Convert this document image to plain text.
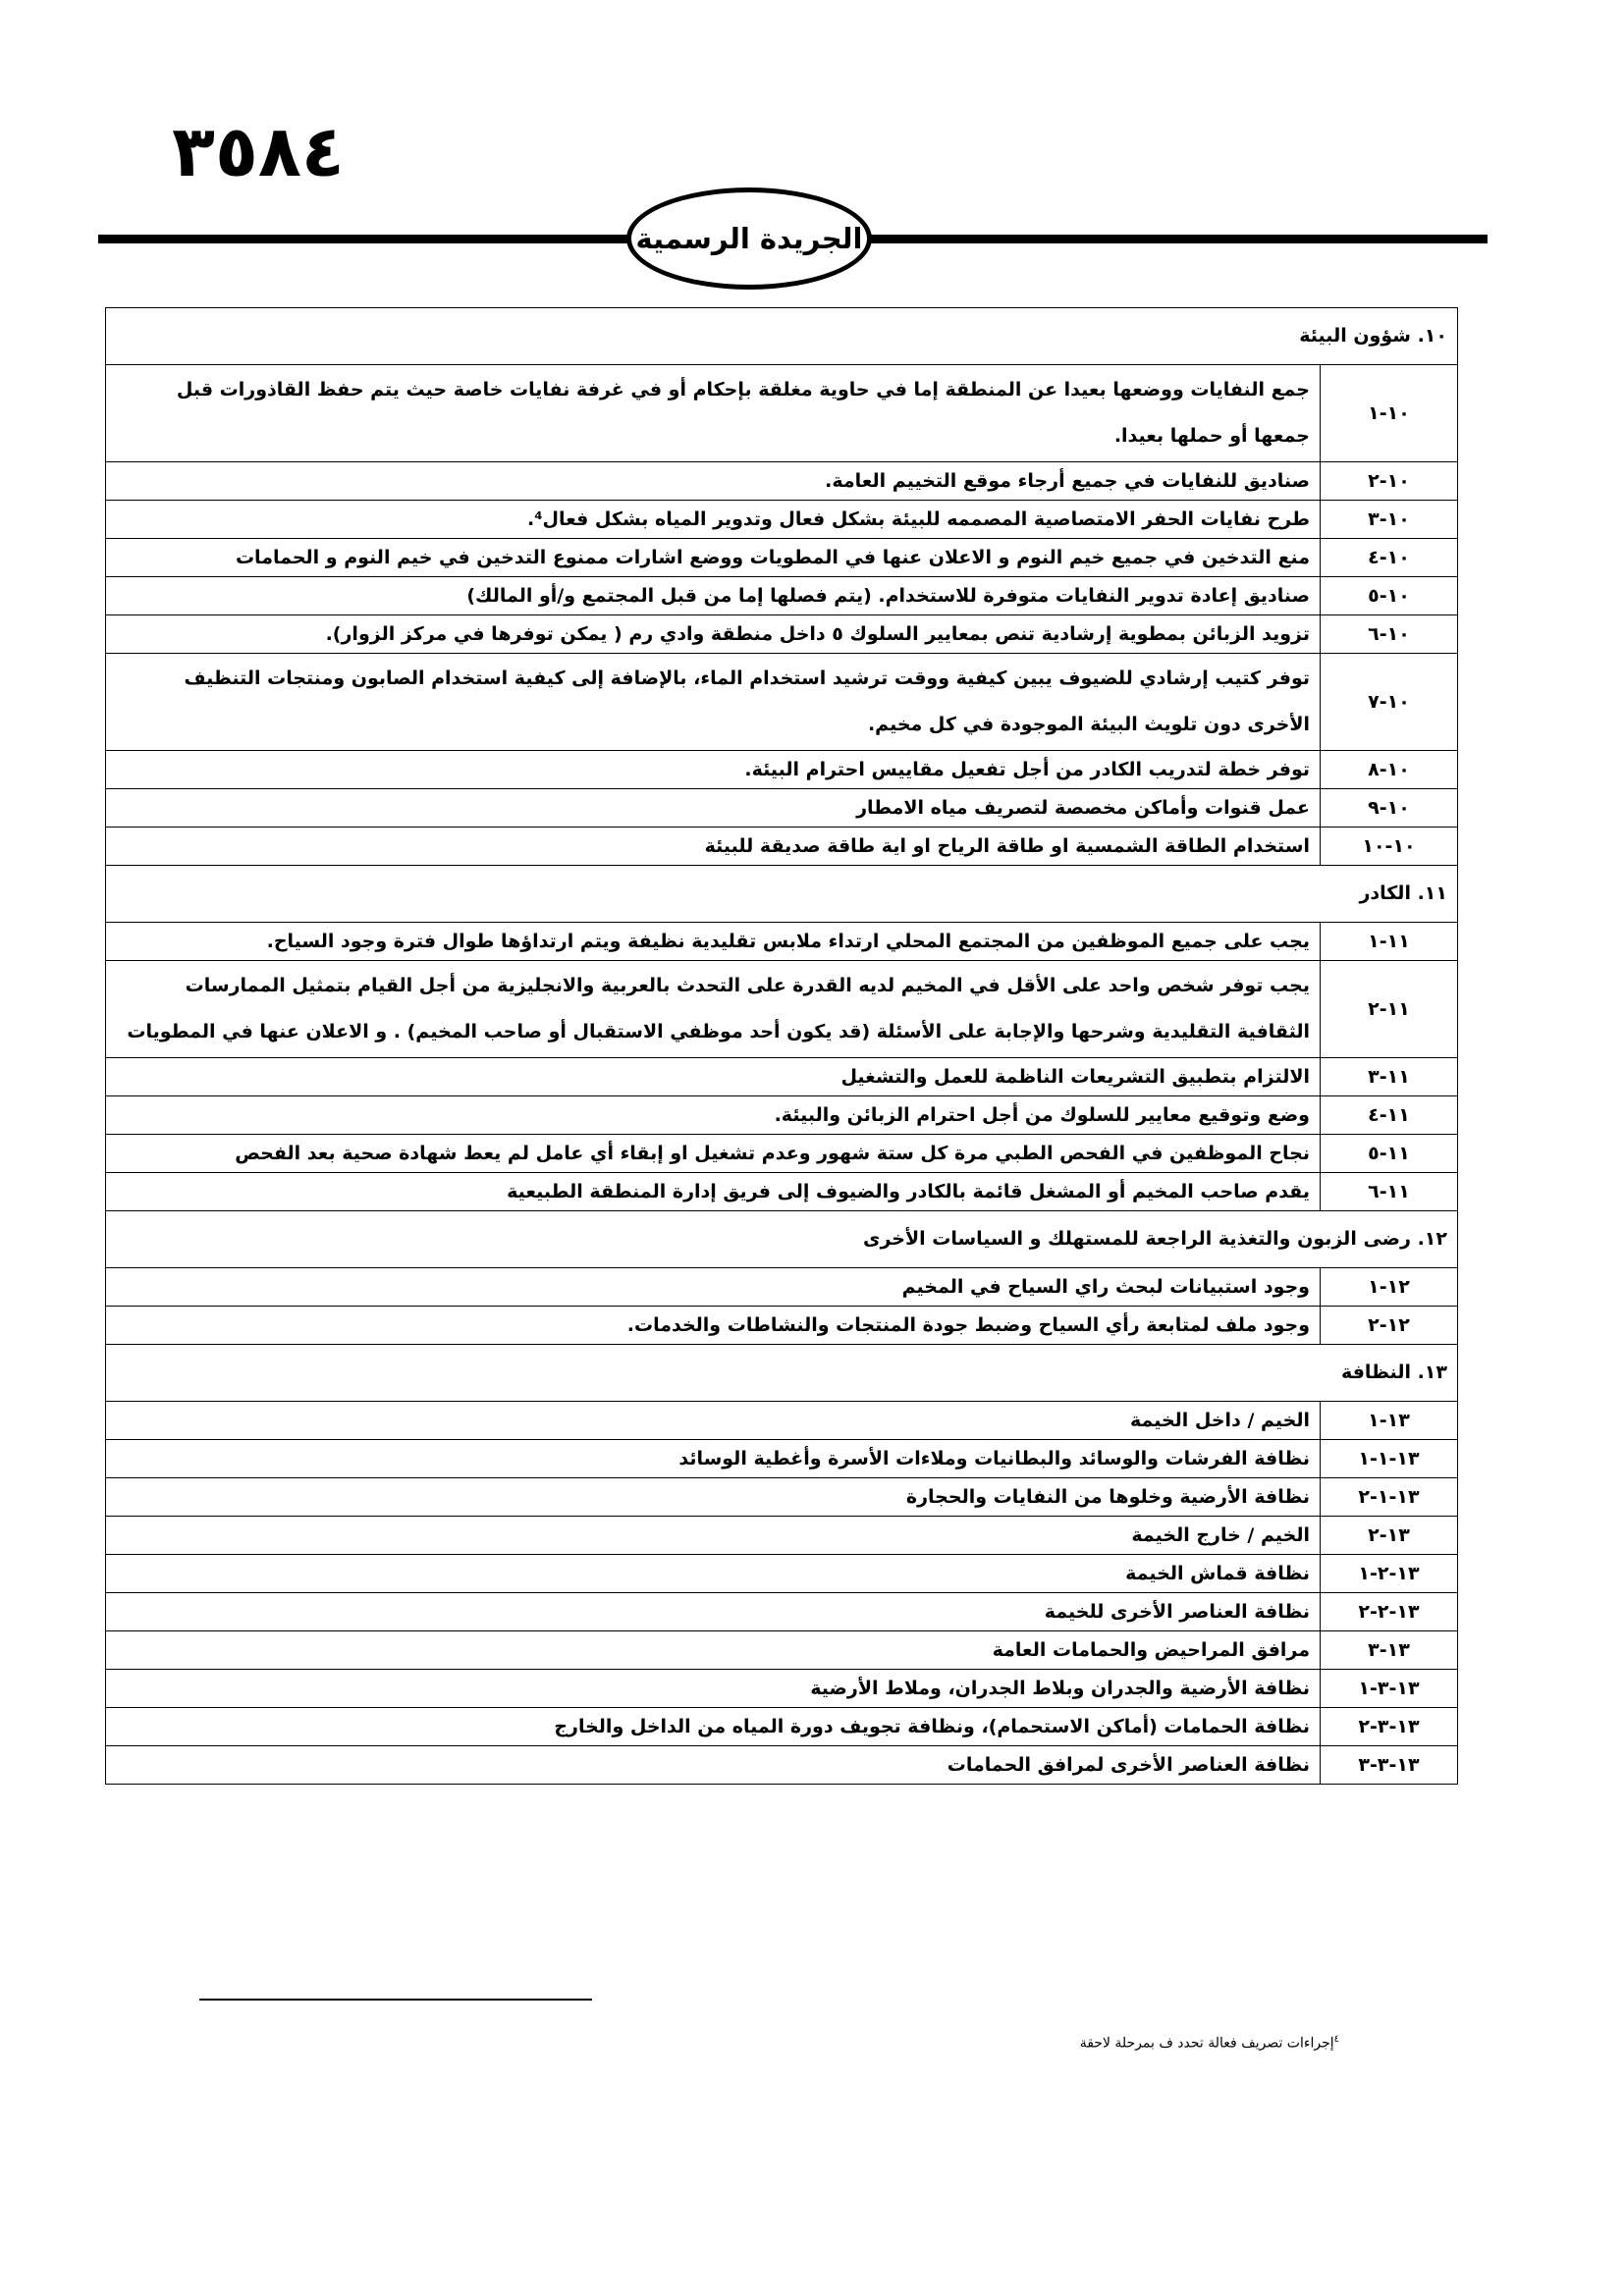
٣٥٨٤
الجريدة الرسمية
١٠. شؤون البيئة	
١٠-١	جمع النفايات ووضعها بعيدا عن المنطقة إما في حاوية مغلقة بإحكام أو في غرفة نفايات خاصة حيث يتم حفظ القاذورات قبل جمعها أو حملها بعيدا.
١٠-٢	صناديق للنفايات في جميع أرجاء موقع التخييم العامة.
١٠-٣	طرح نفايات الحفر الامتصاصية المصممه للبيئة بشكل فعال وتدوير المياه بشكل فعال⁴.
١٠-٤	منع التدخين في جميع خيم النوم و الاعلان عنها في المطويات ووضع اشارات ممنوع التدخين في خيم النوم و الحمامات
١٠-٥	صناديق إعادة تدوير النفايات متوفرة للاستخدام. (يتم فصلها إما من قبل المجتمع و/أو المالك)
١٠-٦	تزويد الزبائن بمطوية إرشادية تنص بمعايير السلوك ٥ داخل منطقة وادي رم ( يمكن توفرها في مركز الزوار).
١٠-٧	توفر كتيب إرشادي للضيوف يبين كيفية ووقت ترشيد استخدام الماء، بالإضافة إلى كيفية استخدام الصابون ومنتجات التنظيف الأخرى دون تلويث البيئة الموجودة في كل مخيم.
١٠-٨	توفر خطة لتدريب الكادر من أجل تفعيل مقاييس احترام البيئة.
١٠-٩	عمل قنوات وأماكن مخصصة لتصريف مياه الامطار
١٠-١٠	استخدام الطاقة الشمسية او طاقة الرياح او اية طاقة صديقة للبيئة
١١. الكادر	
١١-١	يجب على جميع الموظفين من المجتمع المحلي ارتداء ملابس تقليدية نظيفة ويتم ارتداؤها طوال فترة وجود السياح.
١١-٢	يجب توفر شخص واحد على الأقل في المخيم لديه القدرة على التحدث بالعربية والانجليزية من أجل القيام بتمثيل الممارسات الثقافية التقليدية وشرحها والإجابة على الأسئلة (قد يكون أحد موظفي الاستقبال أو صاحب المخيم) . و الاعلان عنها في المطويات
١١-٣	الالتزام بتطبيق التشريعات الناظمة للعمل والتشغيل
١١-٤	وضع وتوقيع معايير للسلوك من أجل احترام الزبائن والبيئة.
١١-٥	نجاح الموظفين في الفحص الطبي مرة كل ستة شهور وعدم تشغيل او إبقاء أي عامل لم يعط شهادة صحية بعد الفحص
١١-٦	يقدم صاحب المخيم أو المشغل قائمة بالكادر والضيوف إلى فريق إدارة المنطقة الطبيعية
١٢. رضى الزبون والتغذية الراجعة للمستهلك و السياسات الأخرى	
١٢-١	وجود استبيانات لبحث راي السياح في المخيم
١٢-٢	وجود ملف لمتابعة رأي السياح وضبط جودة المنتجات والنشاطات والخدمات.
١٣. النظافة	
١٣-١	الخيم / داخل الخيمة
١٣-١-١	نظافة الفرشات والوسائد والبطانيات وملاءات الأسرة وأغطية الوسائد
١٣-١-٢	نظافة الأرضية وخلوها من النفايات والحجارة
١٣-٢	الخيم / خارج الخيمة
١٣-٢-١	نظافة قماش الخيمة
١٣-٢-٢	نظافة العناصر الأخرى للخيمة
١٣-٣	مرافق المراحيض والحمامات العامة
١٣-٣-١	نظافة الأرضية والجدران وبلاط الجدران، وملاط الأرضية
١٣-٣-٢	نظافة الحمامات (أماكن الاستحمام)، ونظافة تجويف دورة المياه من الداخل والخارج
١٣-٣-٣	نظافة العناصر الأخرى لمرافق الحمامات
$^٤$إجراءات تصريف فعالة تحدد ف بمرحلة لاحقة
